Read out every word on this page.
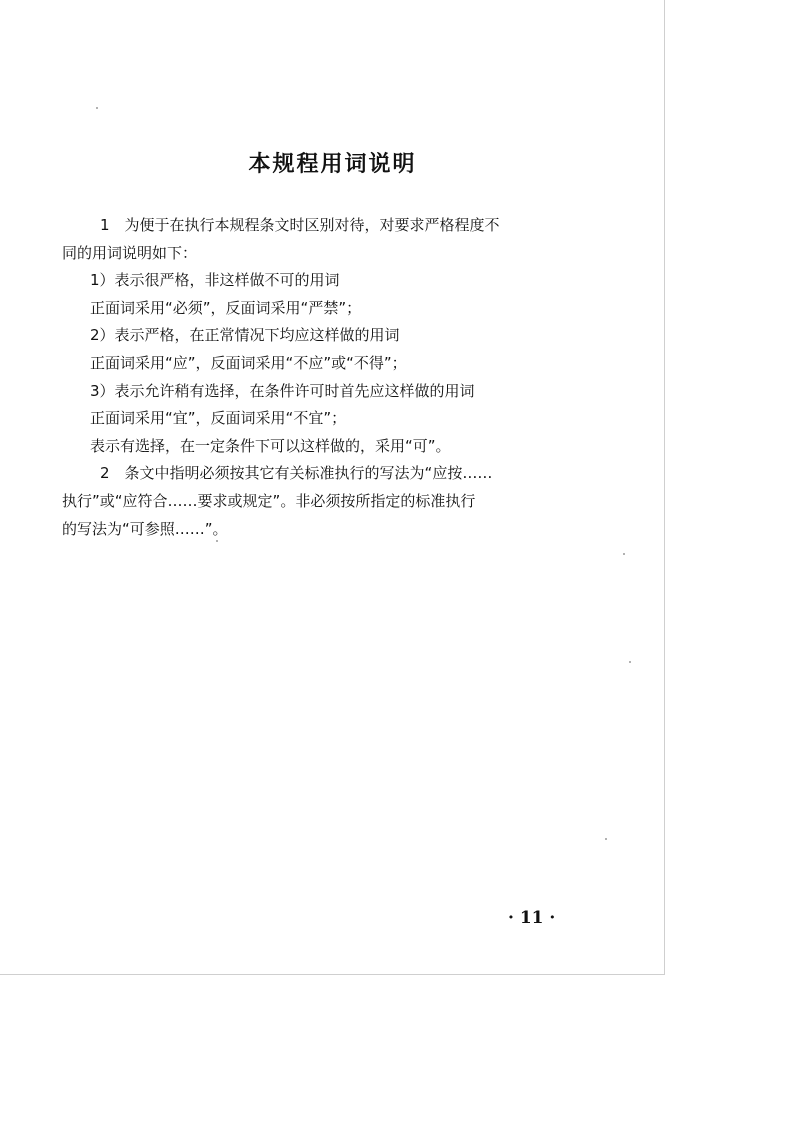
本规程用词说明

1　为便于在执行本规程条文时区别对待，对要求严格程度不

同的用词说明如下：

1）表示很严格，非这样做不可的用词

正面词采用“必须”，反面词采用“严禁”；

2）表示严格，在正常情况下均应这样做的用词

正面词采用“应”，反面词采用“不应”或“不得”；

3）表示允许稍有选择，在条件许可时首先应这样做的用词

正面词采用“宜”，反面词采用“不宜”；

表示有选择，在一定条件下可以这样做的，采用“可”。

2　条文中指明必须按其它有关标准执行的写法为“应按……

执行”或“应符合……要求或规定”。非必须按所指定的标准执行

的写法为“可参照……”。

· 11 ·
